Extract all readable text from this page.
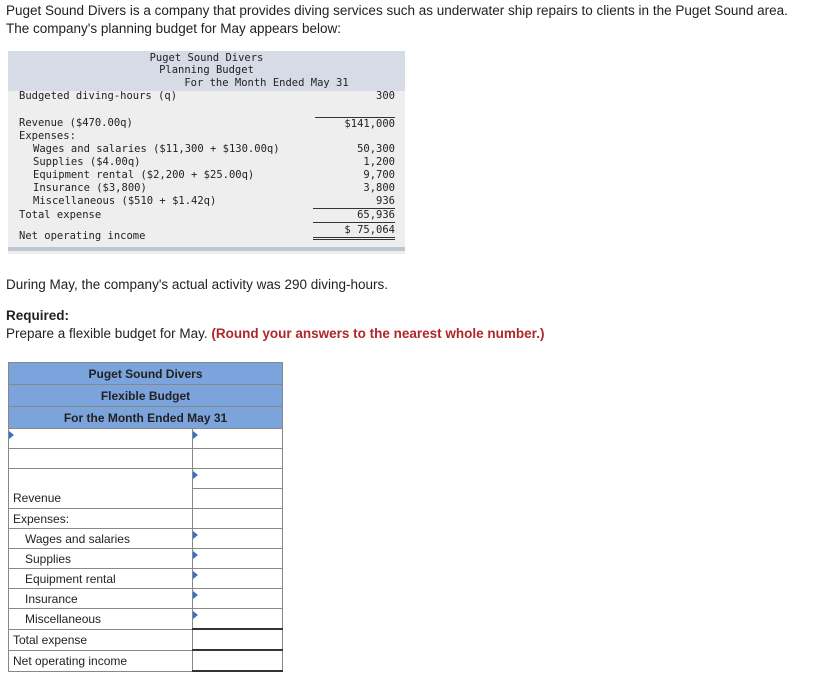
Puget Sound Divers is a company that provides diving services such as underwater ship repairs to clients in the Puget Sound area.
The company's planning budget for May appears below:
Puget Sound Divers
Planning Budget
For the Month Ended May 31
Budgeted diving-hours (q)	300
Revenue ($470.00q)	$141,000
Expenses:
Wages and salaries ($11,300 + $130.00q)	50,300
Supplies ($4.00q)	1,200
Equipment rental ($2,200 + $25.00q)	9,700
Insurance ($3,800)	3,800
Miscellaneous ($510 + $1.42q)	936
Total expense	65,936
Net operating income	$ 75,064
During May, the company's actual activity was 290 diving-hours.
Required:
Prepare a flexible budget for May. (Round your answers to the nearest whole number.)
Puget Sound Divers	
Flexible Budget	
For the Month Ended May 31	

Revenue	
Expenses:	
Wages and salaries	

Supplies	

Equipment rental	

Insurance	

Miscellaneous	

Total expense	
Net operating income	
